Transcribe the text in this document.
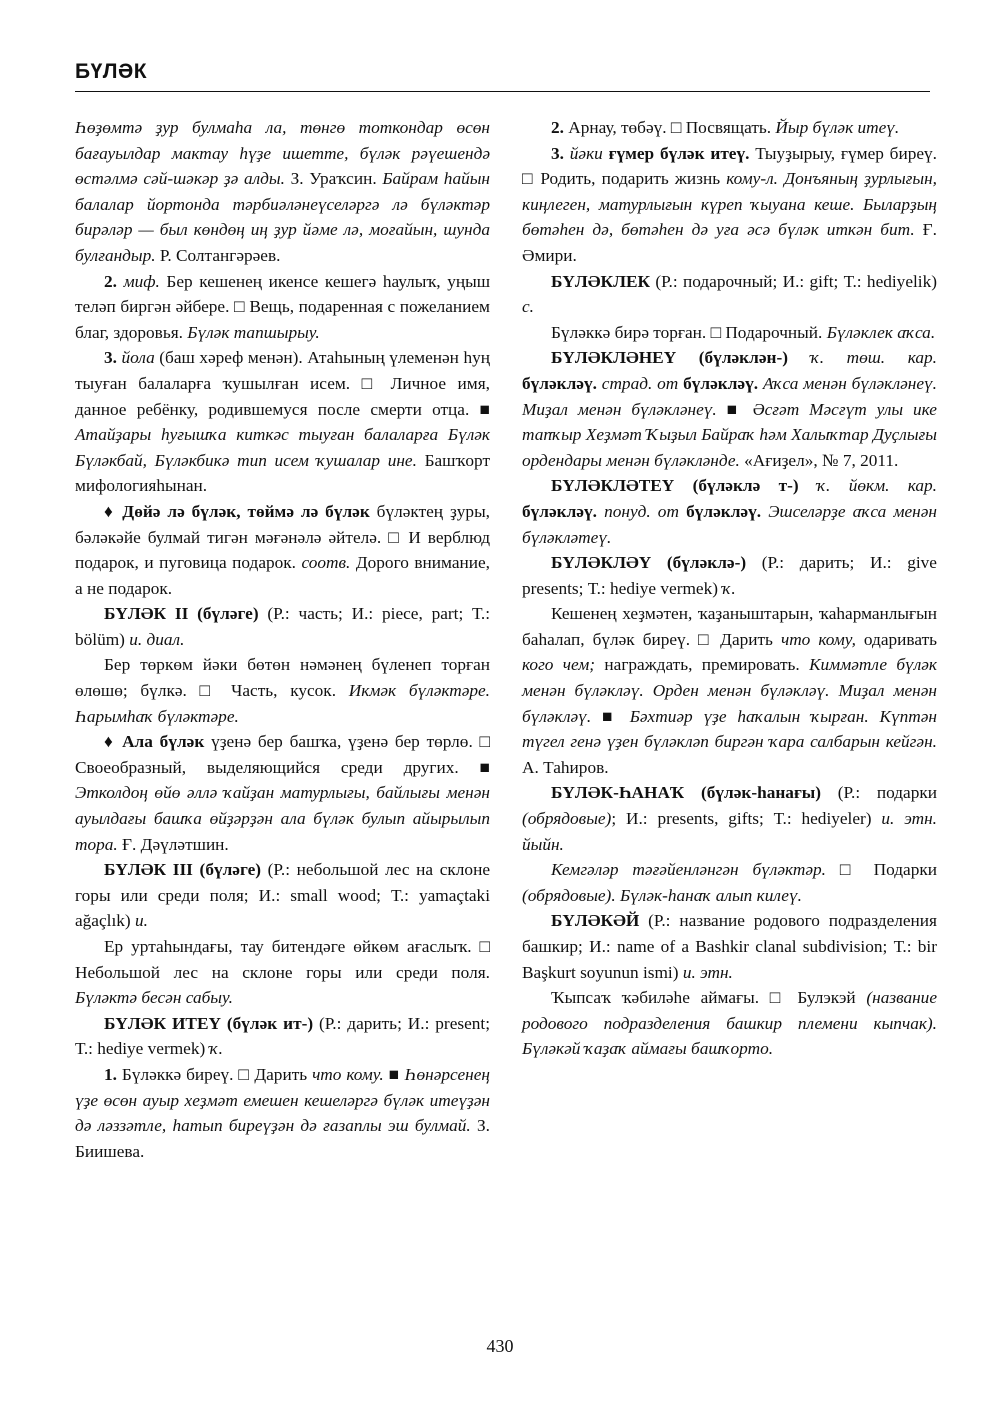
БҮЛӘК

Һөҙөмтә ҙур булмаһа ла, төнгө тоткондар өсөн бағауылдар мактау һүҙе ишетте, бүләк рәүешендә өстәлмә сәй-шәкәр ҙә алды. З. Ураҡсин. Байрам һайын балалар йортонда тәрбиәләнеүселәргә лә бүләктәр бирәләр — был көндөң иң ҙур йәме лә, моғайын, шунда булғандыр. Р. Солтангәрәев.

2. миф. Бер кешенең икенсе кешегә һаулыҡ, уңыш теләп биргән әйбере. □ Вещь, подаренная с пожеланием благ, здоровья. Бүләк тапшырыу.

3. йола (баш хәреф менән). Атаһының үлеменән һуң тыуған балаларға ҡушылған исем. □ Личное имя, данное ребёнку, родившемуся после смерти отца. ■ Атайҙары һуғышҡа киткәс тыуған балаларға Бүләк Бүләкбай, Бүләкбикә тип исем ҡушалар ине. Башҡорт мифологияһынан.

♦ Дөйә лә бүләк, төймә лә бүләк бүләктең ҙуры, бәләкәйе булмай тигән мәғәнәлә әйтелә. □ И верблюд подарок, и пуговица подарок. соотв. Дорого внимание, а не подарок.

БҮЛӘК II (бүләге) (Р.: часть; И.: piece, part; Т.: bölüm) и. диал.

Бер төркөм йәки бөтөн нәмәнең бүленеп торған өлөшө; бүлкә. □ Часть, кусок. Икмәк бүләктәре. Һарымһаҡ бүләктәре.

♦ Ала бүләк үҙенә бер башҡа, үҙенә бер төрлө. □ Своеобразный, выделяющийся среди других. ■ Этколдоң өйө әллә ҡайҙан матурлығы, байлығы менән ауылдағы башҡа өйҙәрҙән ала бүләк булып айырылып тора. Ғ. Дәүләтшин.

БҮЛӘК III (бүләге) (Р.: небольшой лес на склоне горы или среди поля; И.: small wood; Т.: yamaçtaki ağaçlık) и.

Ер уртаһындағы, тау битендәге өйкөм ағаслыҡ. □ Небольшой лес на склоне горы или среди поля. Бүләктә бесән сабыу.

БҮЛӘК ИТЕҮ (бүләк ит-) (Р.: дарить; И.: present; Т.: hediye vermek) ҡ.

1. Бүләккә биреү. □ Дарить что кому. ■ Һөнәрсенең үҙе өсөн ауыр хеҙмәт емешен кешеләргә бүләк итеүҙән дә ләззәтле, һатып биреүҙән дә ғазаплы эш булмай. З. Биишева.

2. Арнау, төбәү. □ Посвящать. Йыр бүләк итеү.

3. йәки ғүмер бүләк итеү. Тыуҙырыу, ғүмер биреү. □ Родить, подарить жизнь кому-л. Донъяның ҙурлығын, киңлеген, матурлығын күреп ҡыуана кеше. Быларҙың бөтәһен дә, бөтәһен дә уға әсә бүләк иткән бит. Ғ. Әмири.

БҮЛӘКЛЕК (Р.: подарочный; И.: gift; Т.: hediyelik) с.

Бүләккә бирә торған. □ Подарочный. Бүләклек аҡса.

БҮЛӘКЛӘНЕҮ (бүләклән-) ҡ. төш. кар. бүләкләү. страд. от бүләкләү. Аҡса менән бүләкләнеү. Миҙал менән бүләкләнеү. ■ Әсғәт Мәсғүт улы ике тапҡыр Хеҙмәт Ҡыҙыл Байраҡ һәм Халыҡтар Дуҫлығы ордендары менән бүләкләнде. «Ағиҙел», № 7, 2011.

БҮЛӘКЛӘТЕҮ (бүләклә т-) ҡ. йөкм. кар. бүләкләү. понуд. от бүләкләү. Эшселәрҙе аҡса менән бүләкләтеү.

БҮЛӘКЛӘҮ (бүләклә-) (Р.: дарить; И.: give presents; Т.: hediye vermek) ҡ.

Кешенең хеҙмәтен, ҡаҙаныштарын, ҡаһарманлығын баһалап, бүләк биреү. □ Дарить что кому, одаривать кого чем; награждать, премировать. Киммәтле бүләк менән бүләкләү. Орден менән бүләкләү. Миҙал менән бүләкләү. ■ Бәхтиәр үҙе һаҡалын ҡырған. Күптән түгел генә үҙен бүләкләп биргән ҡара салбарын кейгән. А. Таһиров.

БҮЛӘК-ҺАНАҠ (бүләк-һанағы) (Р.: подарки (обрядовые); И.: presents, gifts; Т.: hediyeler) и. этн. йыйн.

Кемгәләр тәғәйенләнгән бүләктәр. □ Подарки (обрядовые). Бүләк-һанаҡ алып килеү.

БҮЛӘКӘЙ (Р.: название родового подразделения башкир; И.: name of a Bashkir clanal subdivision; Т.: bir Başkurt soyunun ismi) и. этн.

Ҡыпсаҡ ҡәбиләһе аймағы. □ Булэкэй (название родового подразделения башкир племени кыпчак). Бүләкәй ҡаҙаҡ аймағы башҡорто.

430
